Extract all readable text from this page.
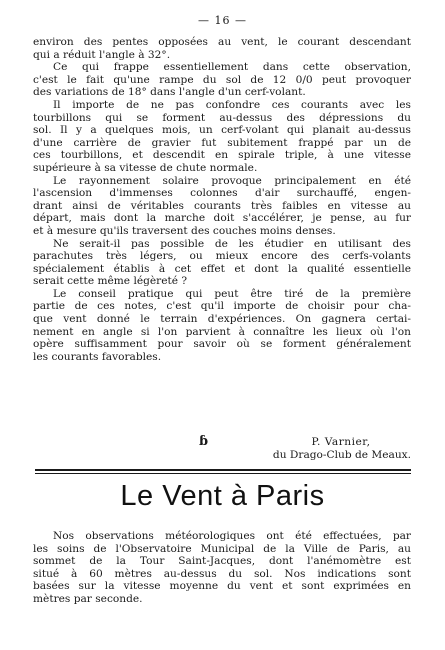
— 16 —
environ des pentes opposées au vent, le courant descendant
qui a réduit l'angle à 32°.
Ce qui frappe essentiellement dans cette observation,
c'est le fait qu'une rampe du sol de 12 0/0 peut provoquer
des variations de 18° dans l'angle d'un cerf-volant.
Il importe de ne pas confondre ces courants avec les
tourbillons qui se forment au-dessus des dépressions du
sol. Il y a quelques mois, un cerf-volant qui planait au-dessus
d'une carrière de gravier fut subitement frappé par un de
ces tourbillons, et descendit en spirale triple, à une vitesse
supérieure à sa vitesse de chute normale.
Le rayonnement solaire provoque principalement en été
l'ascension d'immenses colonnes d'air surchauffé, engen-
drant ainsi de véritables courants très faibles en vitesse au
départ, mais dont la marche doit s'accélérer, je pense, au fur
et à mesure qu'ils traversent des couches moins denses.
Ne serait-il pas possible de les étudier en utilisant des
parachutes très légers, ou mieux encore des cerfs-volants
spécialement établis à cet effet et dont la qualité essentielle
serait cette même légèreté ?
Le conseil pratique qui peut être tiré de la première
partie de ces notes, c'est qu'il importe de choisir pour cha-
que vent donné le terrain d'expériences. On gagnera certai-
nement en angle si l'on parvient à connaître les lieux où l'on
opère suffisamment pour savoir où se forment généralement
les courants favorables.
ɓ	P. Varnier,
du Drago-Club de Meaux.
Le Vent à Paris
Nos observations météorologiques ont été effectuées, par
les soins de l'Observatoire Municipal de la Ville de Paris, au
sommet de la Tour Saint-Jacques, dont l'anémomètre est
situé à 60 mètres au-dessus du sol. Nos indications sont
basées sur la vitesse moyenne du vent et sont exprimées en
mètres par seconde.
